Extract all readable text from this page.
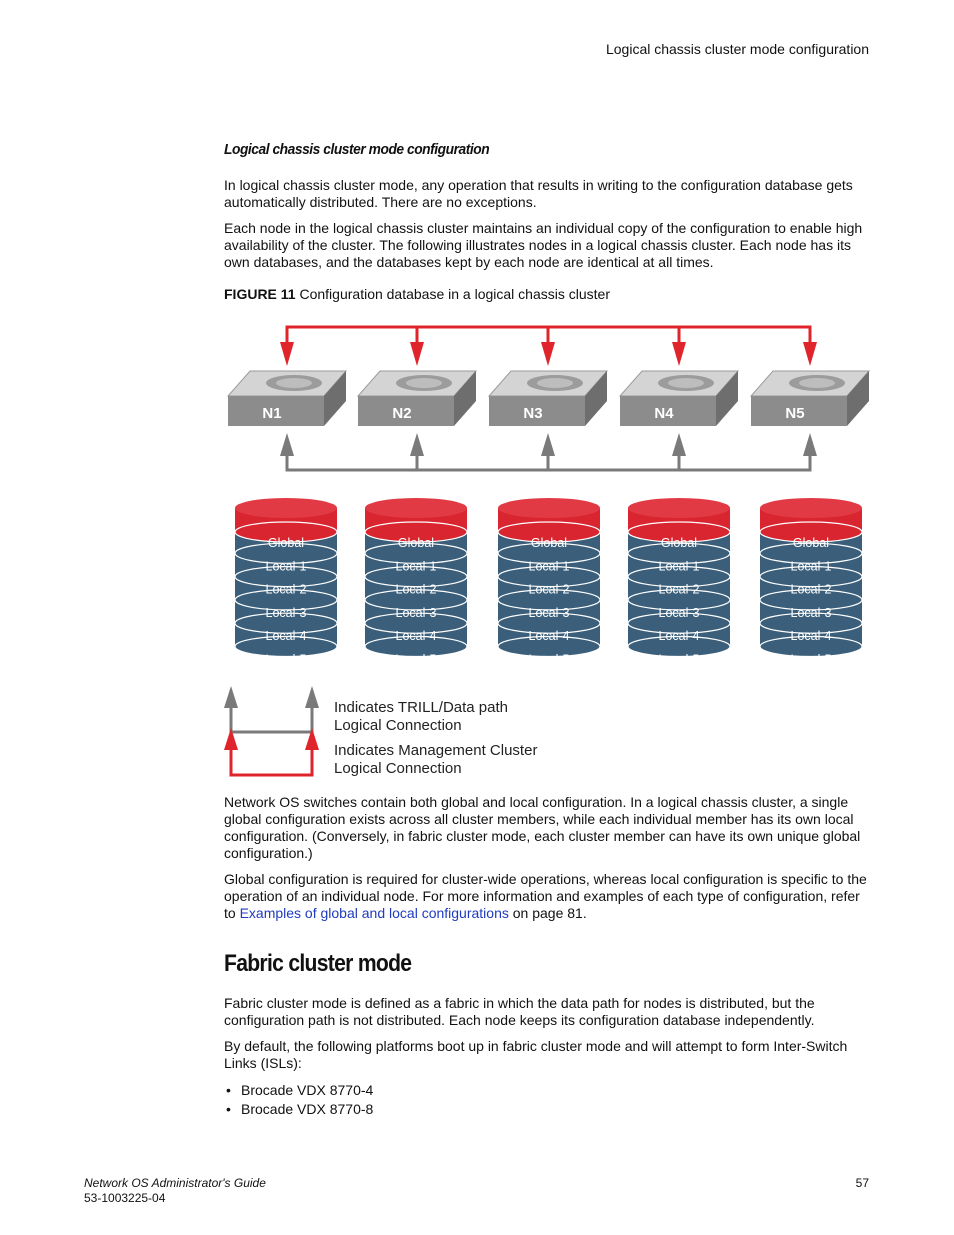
Logical chassis cluster mode configuration
Logical chassis cluster mode configuration

In logical chassis cluster mode, any operation that results in writing to the configuration database gets automatically distributed. There are no exceptions.

Each node in the logical chassis cluster maintains an individual copy of the configuration to enable high availability of the cluster. The following illustrates nodes in a logical chassis cluster. Each node has its own databases, and the databases kept by each node are identical at all times.

FIGURE 11 Configuration database in a logical chassis cluster

Network OS switches contain both global and local configuration. In a logical chassis cluster, a single global configuration exists across all cluster members, while each individual member has its own local configuration. (Conversely, in fabric cluster mode, each cluster member can have its own unique global configuration.)

Global configuration is required for cluster-wide operations, whereas local configuration is specific to the operation of an individual node. For more information and examples of each type of configuration, refer to Examples of global and local configurations on page 81.

Fabric cluster mode

Fabric cluster mode is defined as a fabric in which the data path for nodes is distributed, but the configuration path is not distributed. Each node keeps its configuration database independently.

By default, the following platforms boot up in fabric cluster mode and will attempt to form Inter-Switch Links (ISLs):

• Brocade VDX 8770-4
• Brocade VDX 8770-8
N1	N2	N3	N4	N5
Global
Local-1
Local-2
Local-3
Local-4
Local-5
Global
Local-1
Local-2
Local-3
Local-4
Local-5
Global
Local-1
Local-2
Local-3
Local-4
Local-5
Global
Local-1
Local-2
Local-3
Local-4
Local-5
Global
Local-1
Local-2
Local-3
Local-4
Local-5
Indicates TRILL/Data path
Logical Connection
Indicates Management Cluster
Logical Connection
Network OS Administrator's Guide
53-1003225-04
57
